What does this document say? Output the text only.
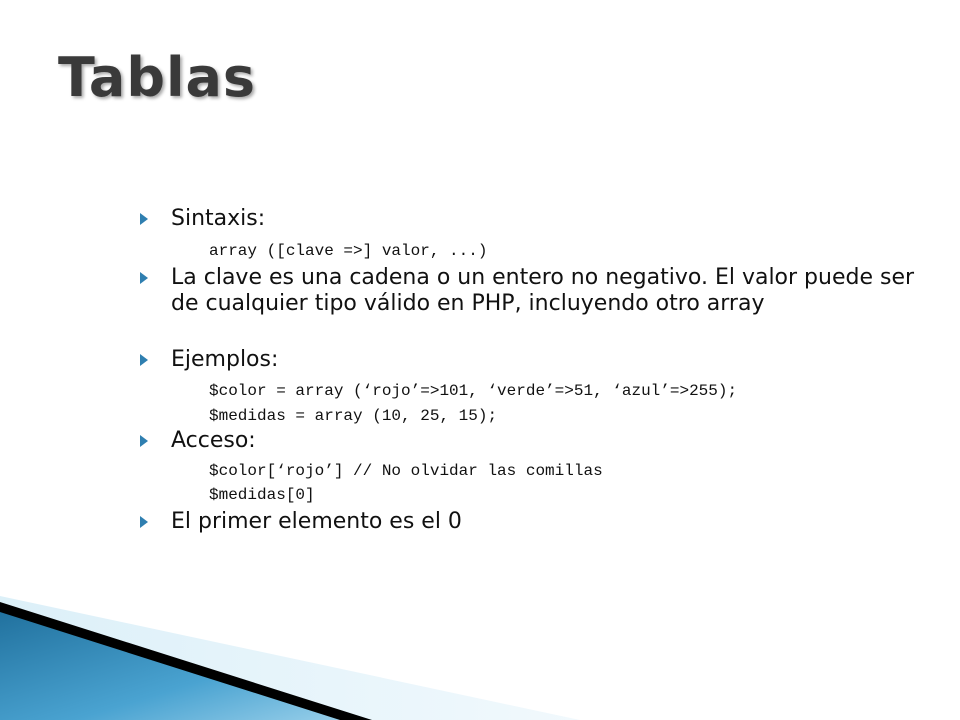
Tablas
Sintaxis:
array ([clave =>] valor, ...)
La clave es una cadena o un entero no negativo. El valor puede ser de cualquier tipo válido en PHP, incluyendo otro array
Ejemplos:
$color = array (‘rojo’=>101, ‘verde’=>51, ‘azul’=>255);
$medidas = array (10, 25, 15);
Acceso:
$color[‘rojo’] // No olvidar las comillas
$medidas[0]
El primer elemento es el 0
